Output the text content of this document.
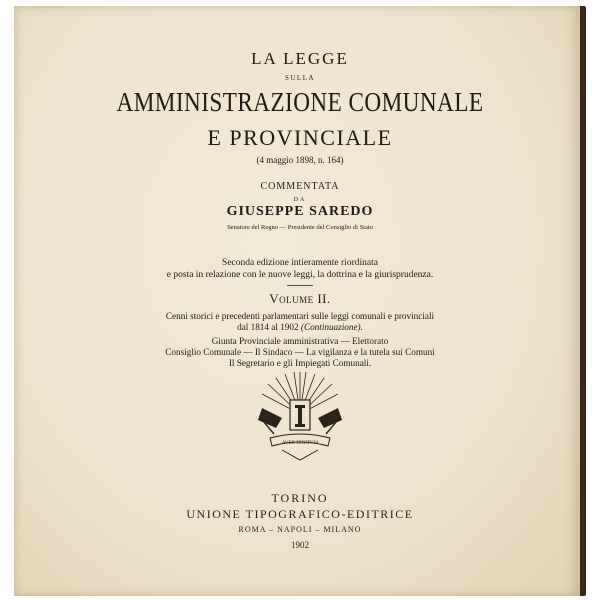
LA LEGGE
SULLA
AMMINISTRAZIONE COMUNALE
E PROVINCIALE
(4 maggio 1898, n. 164)
COMMENTATA
DA
GIUSEPPE SAREDO
Senatore del Regno — Presidente del Consiglio di Stato
Seconda edizione intieramente riordinata
e posta in relazione con le nuove leggi, la dottrina e la giurisprudenza.
Volume II.
Cenni storici e precedenti parlamentari sulle leggi comunali e provinciali
dal 1814 al 1902 (Continuazione).
Giunta Provinciale amministrativa — Elettorato
Consiglio Comunale — Il Sindaco — La vigilanza e la tutela sui Comuni
Il Segretario e gli Impiegati Comunali.
AVEX DIGITVM
TORINO
UNIONE TIPOGRAFICO-EDITRICE
ROMA – NAPOLI – MILANO
1902
